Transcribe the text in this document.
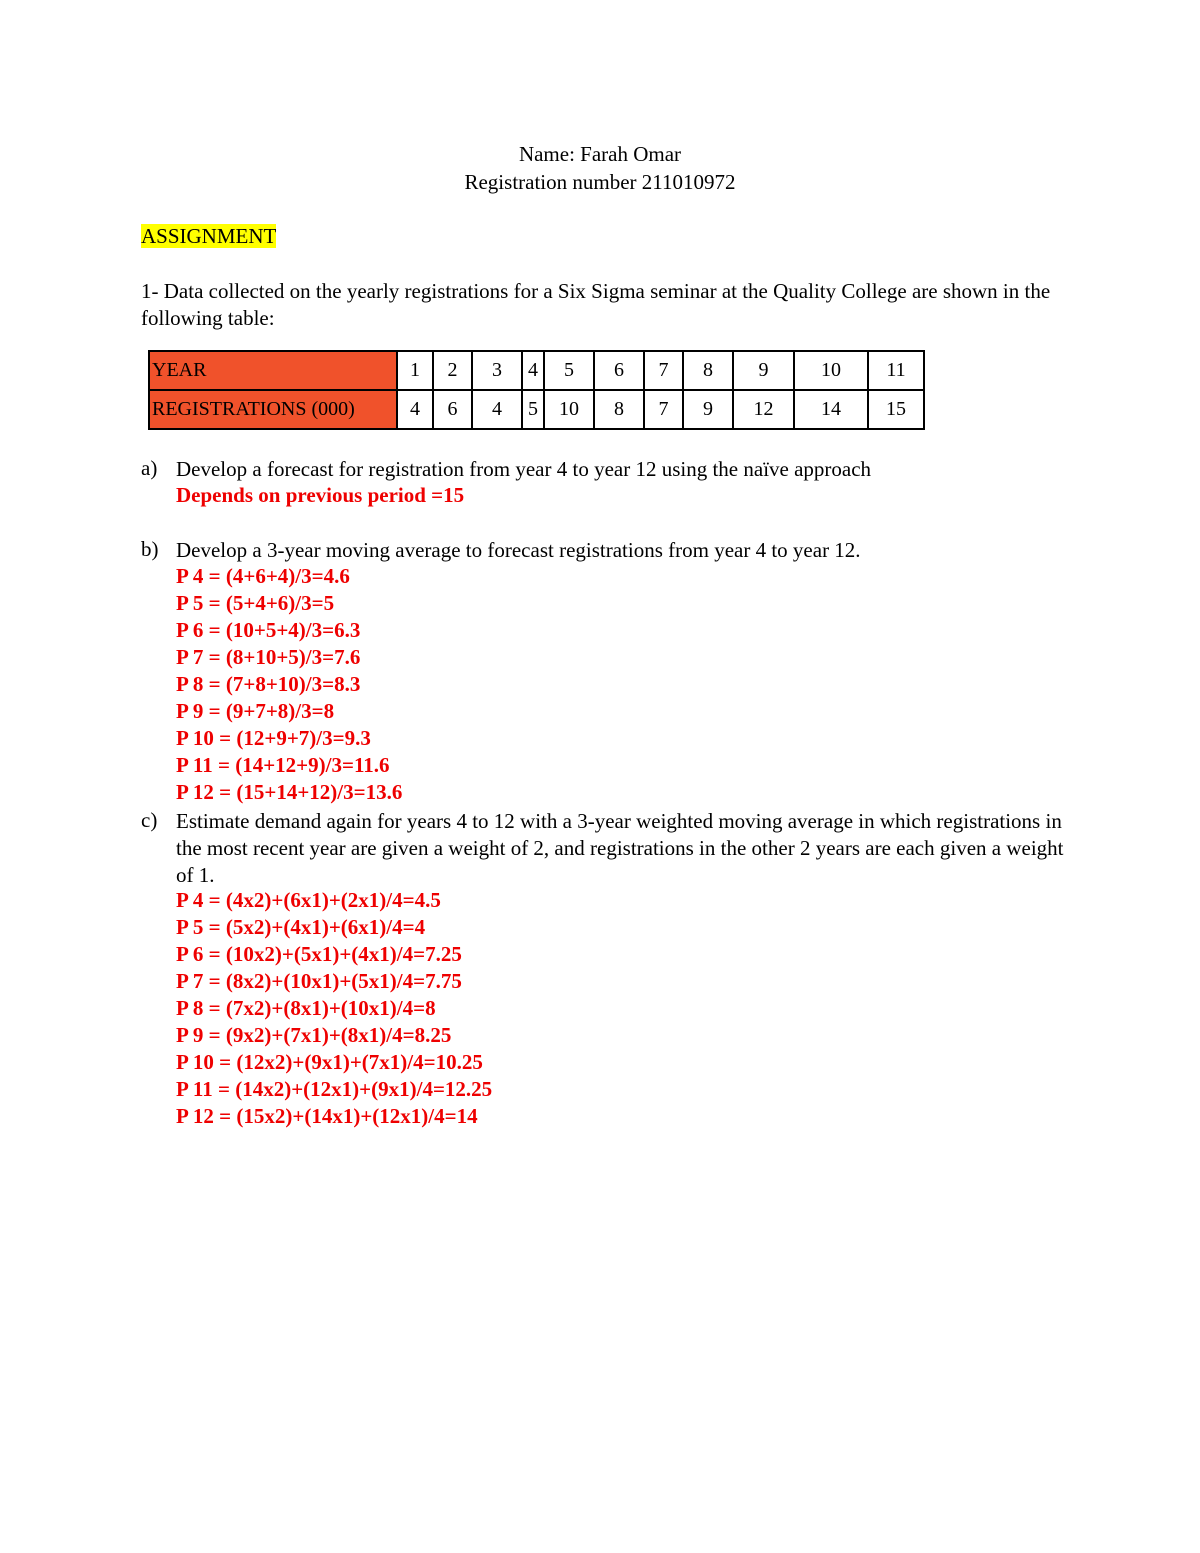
Name: Farah Omar
Registration number 211010972
ASSIGNMENT
1- Data collected on the yearly registrations for a Six Sigma seminar at the Quality College are shown in the following table:
YEAR	1	2	3	4	5	6	7	8	9	10	11
REGISTRATIONS (000)	4	6	4	5	10	8	7	9	12	14	15
a) Develop a forecast for registration from year 4 to year 12 using the naïve approach
Depends on previous period =15
b) Develop a 3-year moving average to forecast registrations from year 4 to year 12.
P 4 = (4+6+4)/3=4.6
P 5 = (5+4+6)/3=5
P 6 = (10+5+4)/3=6.3
P 7 = (8+10+5)/3=7.6
P 8 = (7+8+10)/3=8.3
P 9 = (9+7+8)/3=8
P 10 = (12+9+7)/3=9.3
P 11 = (14+12+9)/3=11.6
P 12 = (15+14+12)/3=13.6
c) Estimate demand again for years 4 to 12 with a 3-year weighted moving average in which registrations in the most recent year are given a weight of 2, and registrations in the other 2 years are each given a weight of 1.
P 4 = (4x2)+(6x1)+(2x1)/4=4.5
P 5 = (5x2)+(4x1)+(6x1)/4=4
P 6 = (10x2)+(5x1)+(4x1)/4=7.25
P 7 = (8x2)+(10x1)+(5x1)/4=7.75
P 8 = (7x2)+(8x1)+(10x1)/4=8
P 9 = (9x2)+(7x1)+(8x1)/4=8.25
P 10 = (12x2)+(9x1)+(7x1)/4=10.25
P 11 = (14x2)+(12x1)+(9x1)/4=12.25
P 12 = (15x2)+(14x1)+(12x1)/4=14
